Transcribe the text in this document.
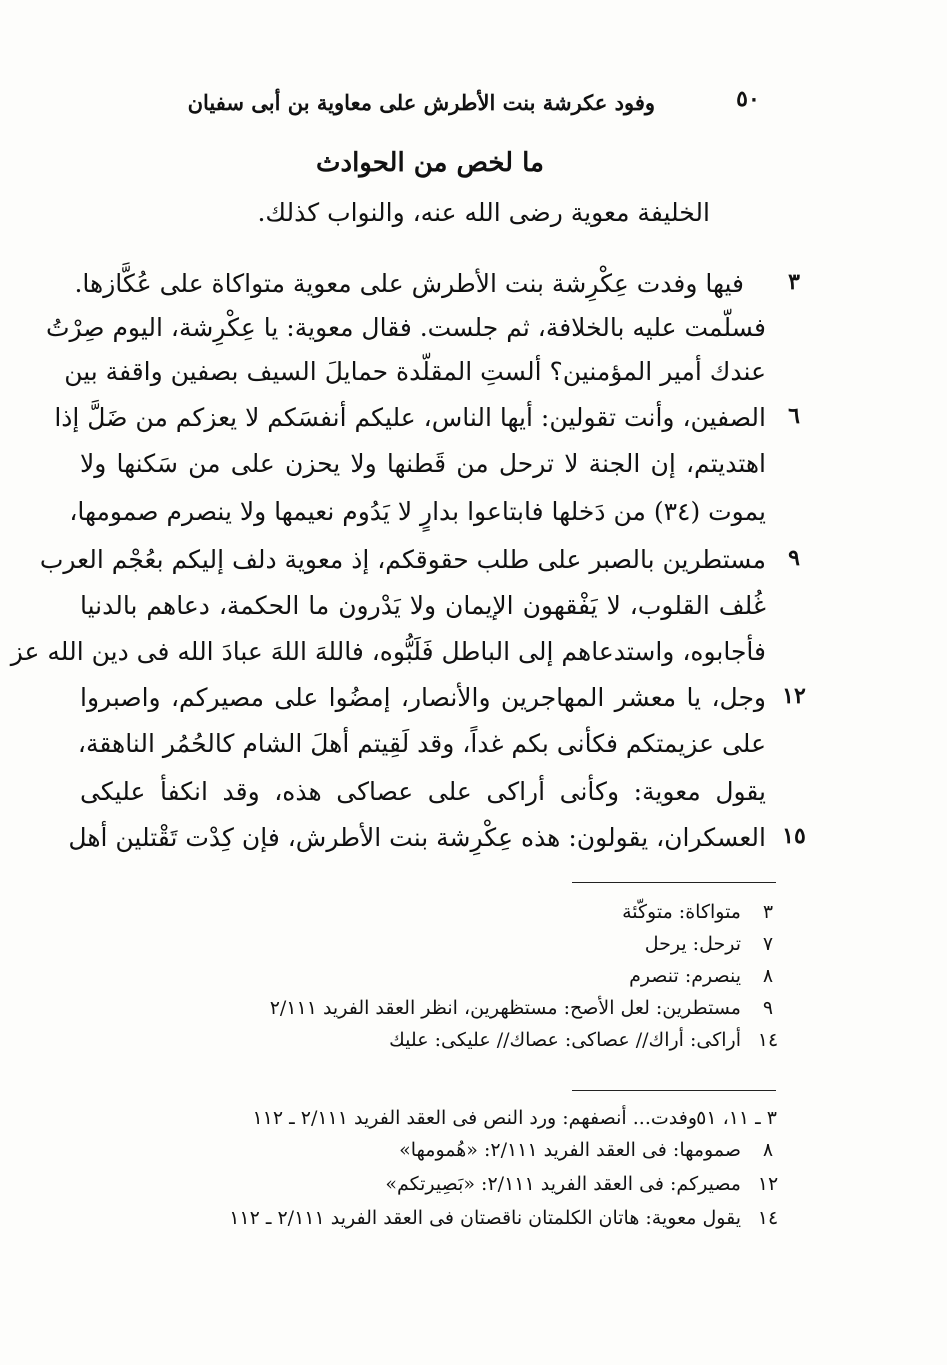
٥٠
وفود عكرشة بنت الأطرش على معاوية بن أبى سفيان
ما لخص من الحوادث
الخليفة معوية رضى الله عنه، والنواب كذلك.
فيها وفدت عِكْرِشة بنت الأطرش على معوية متواكاة على عُكَّازها.
فسلّمت عليه بالخلافة، ثم جلست. فقال معوية: يا عِكْرِشة، اليوم صِرْتُ
عندك أمير المؤمنين؟ ألستِ المقلّدة حمايلَ السيف بصفين واقفة بين
الصفين، وأنت تقولين: أيها الناس، عليكم أنفسَكم لا يعزكم من ضَلَّ إذا
اهتديتم، إن الجنة لا ترحل من قَطنها ولا يحزن على من سَكنها ولا
يموت (٣٤) من دَخلها فابتاعوا بدارٍ لا يَدُوم نعيمها ولا ينصرم صمومها،
مستطرين بالصبر على طلب حقوقكم، إذ معوية دلف إليكم بعُجْم العرب
غُلف القلوب، لا يَفْقهون الإيمان ولا يَدْرون ما الحكمة، دعاهم بالدنيا
فأجابوه، واستدعاهم إلى الباطل فَلَبُّوه، فاللهَ اللهَ عبادَ الله فى دين الله عز
وجل، يا معشر المهاجرين والأنصار، إمضُوا على مصيركم، واصبروا
على عزيمتكم فكأنى بكم غداً، وقد لَقِيتم أهلَ الشام كالحُمُر الناهقة،
يقول معوية: وكأنى أراكى على عصاكى هذه، وقد انكفأ عليكى
العسكران، يقولون: هذه عِكْرِشة بنت الأطرش، فإن كِدْت تَقْتلين أهل
٣
٦
٩
١٢
١٥
٣
متواكاة: متوكّئة
٧
ترحل: يرحل
٨
ينصرم: تنصرم
٩
مستطرين: لعل الأصح: مستظهرين، انظر العقد الفريد ٢/١١١
١٤
أراكى: أراك// عصاكى: عصاك// عليكى: عليك
٣ ـ ١١، ٥١
وفدت... أنصفهم: ورد النص فى العقد الفريد ٢/١١١ ـ ١١٢
٨
صمومها: فى العقد الفريد ٢/١١١: «هُمومها»
١٢
مصيركم: فى العقد الفريد ٢/١١١: «بَصِيرتكم»
١٤
يقول معوية: هاتان الكلمتان ناقصتان فى العقد الفريد ٢/١١١ ـ ١١٢
